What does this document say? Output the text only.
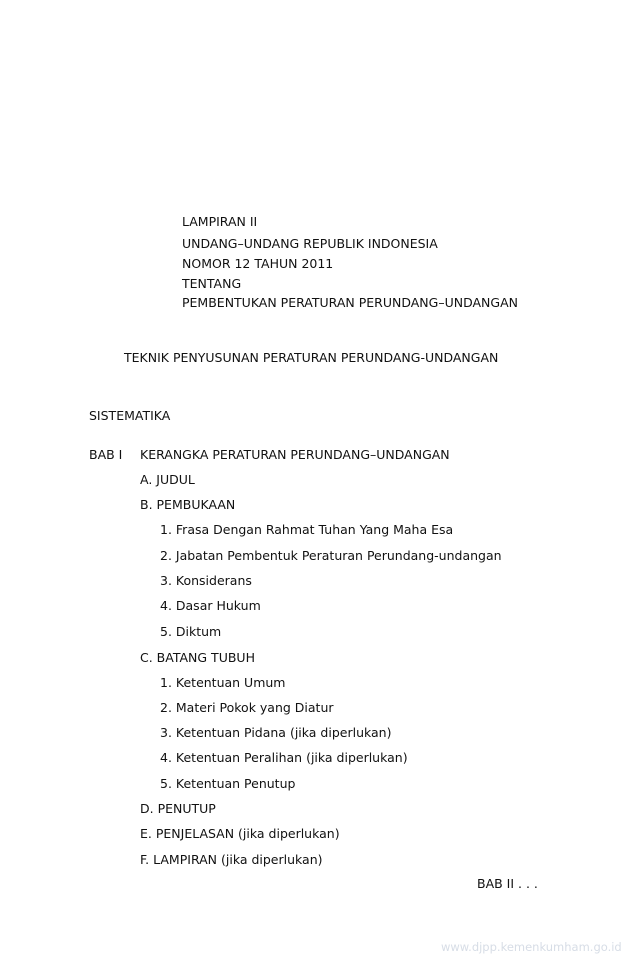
LAMPIRAN II
UNDANG–UNDANG REPUBLIK INDONESIA
NOMOR 12 TAHUN 2011
TENTANG
PEMBENTUKAN PERATURAN PERUNDANG–UNDANGAN
TEKNIK PENYUSUNAN PERATURAN PERUNDANG-UNDANGAN
SISTEMATIKA
BAB I KERANGKA PERATURAN PERUNDANG–UNDANGAN
A. JUDUL
B. PEMBUKAAN
1. Frasa Dengan Rahmat Tuhan Yang Maha Esa
2. Jabatan Pembentuk Peraturan Perundang-undangan
3. Konsiderans
4. Dasar Hukum
5. Diktum
C. BATANG TUBUH
1. Ketentuan Umum
2. Materi Pokok yang Diatur
3. Ketentuan Pidana (jika diperlukan)
4. Ketentuan Peralihan (jika diperlukan)
5. Ketentuan Penutup
D. PENUTUP
E. PENJELASAN (jika diperlukan)
F. LAMPIRAN (jika diperlukan)
BAB II . . .
www.djpp.kemenkumham.go.id
